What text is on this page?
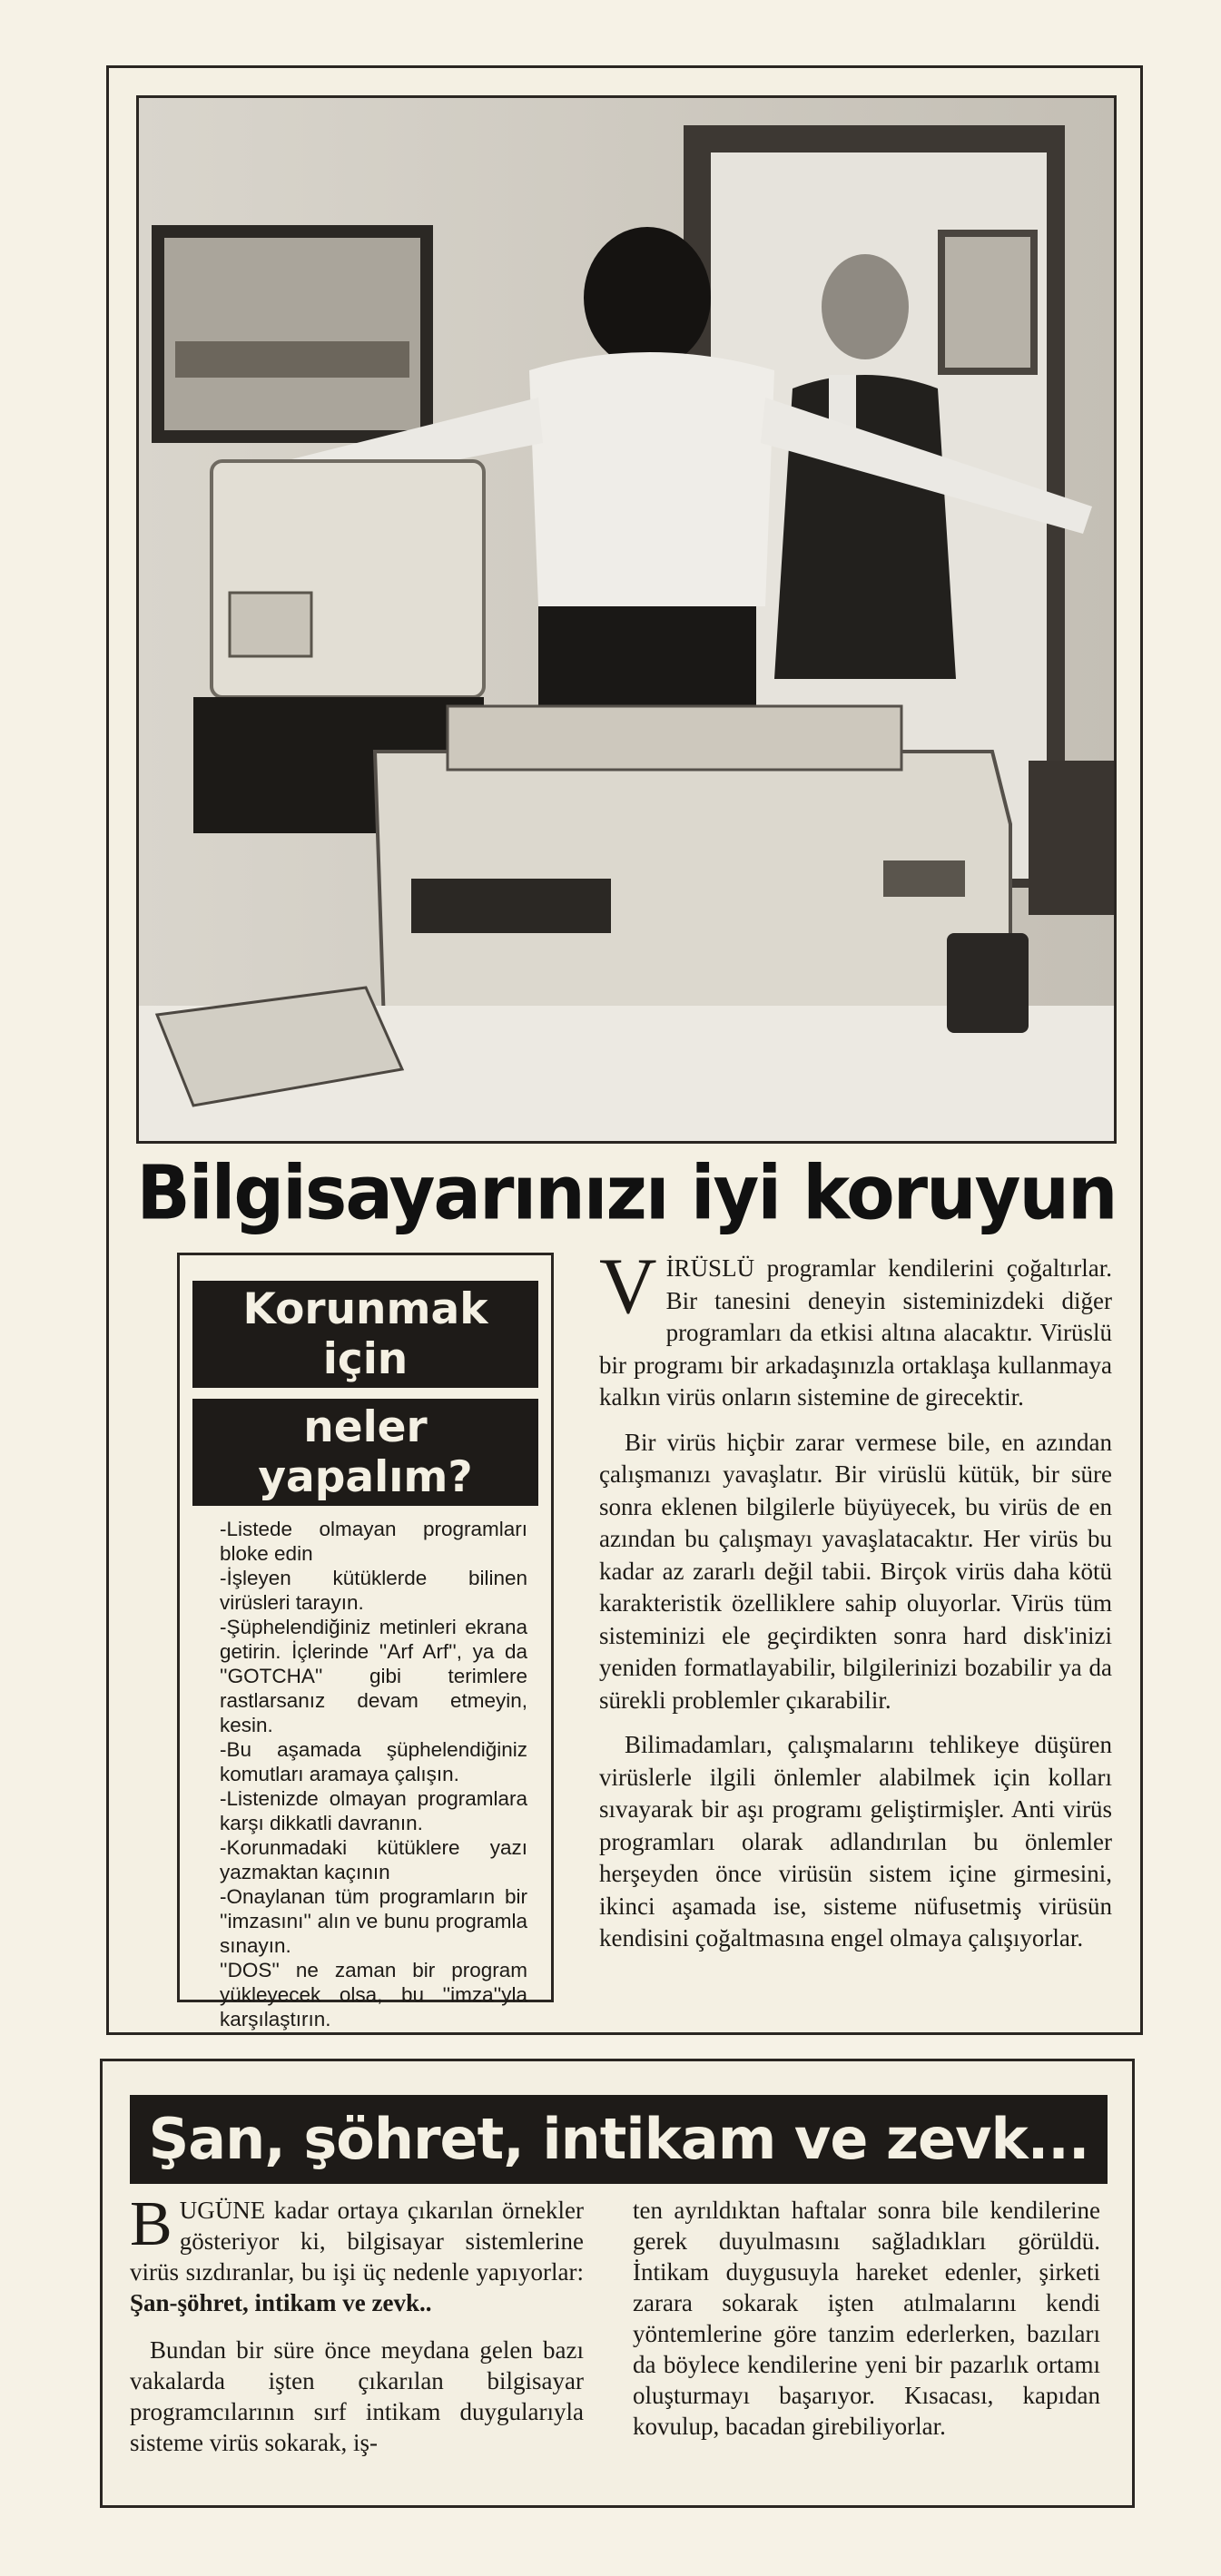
Bilgisayarınızı iyi koruyun
Korunmak için
neler yapalım?
-Listede olmayan programları bloke edin
-İşleyen kütüklerde bilinen virüsleri tarayın.
-Şüphelendiğiniz metinleri ekrana getirin. İçlerinde ''Arf Arf'', ya da ''GOTCHA'' gibi terimlere rastlarsanız devam etmeyin, kesin.
-Bu aşamada şüphelendiğiniz komutları aramaya çalışın.
-Listenizde olmayan programlara karşı dikkatli davranın.
-Korunmadaki kütüklere yazı yazmaktan kaçının
-Onaylanan tüm programların bir ''imzasını'' alın ve bunu programla sınayın.
''DOS'' ne zaman bir program yükleyecek olsa, bu ''imza''yla karşılaştırın.

VİRÜSLÜ programlar kendilerini çoğaltırlar. Bir tanesini deneyin sisteminizdeki diğer programları da etkisi altına alacaktır. Virüslü bir programı bir arkadaşınızla ortaklaşa kullanmaya kalkın virüs onların sistemine de girecektir.

Bir virüs hiçbir zarar vermese bile, en azından çalışmanızı yavaşlatır. Bir virüslü kütük, bir süre sonra eklenen bilgilerle büyüyecek, bu virüs de en azından bu çalışmayı yavaşlatacaktır. Her virüs bu kadar az zararlı değil tabii. Birçok virüs daha kötü karakteristik özelliklere sahip oluyorlar. Virüs tüm sisteminizi ele geçirdikten sonra hard disk'inizi yeniden formatlayabilir, bilgilerinizi bozabilir ya da sürekli problemler çıkarabilir.

Bilimadamları, çalışmalarını tehlikeye düşüren virüslerle ilgili önlemler alabilmek için kolları sıvayarak bir aşı programı geliştirmişler. Anti virüs programları olarak adlandırılan bu önlemler herşeyden önce virüsün sistem içine girmesini, ikinci aşamada ise, sisteme nüfusetmiş virüsün kendisini çoğaltmasına engel olmaya çalışıyorlar.

Şan, şöhret, intikam ve zevk...

BUGÜNE kadar ortaya çıkarılan örnekler gösteriyor ki, bilgisayar sistemlerine virüs sızdıranlar, bu işi üç nedenle yapıyorlar: Şan-şöhret, intikam ve zevk..

Bundan bir süre önce meydana gelen bazı vakalarda işten çıkarılan bilgisayar programcılarının sırf intikam duygularıyla sisteme virüs sokarak, iş-

ten ayrıldıktan haftalar sonra bile kendilerine gerek duyulmasını sağladıkları görüldü. İntikam duygusuyla hareket edenler, şirketi zarara sokarak işten atılmalarını kendi yöntemlerine göre tanzim ederlerken, bazıları da böylece kendilerine yeni bir pazarlık ortamı oluşturmayı başarıyor. Kısacası, kapıdan kovulup, bacadan girebiliyorlar.
